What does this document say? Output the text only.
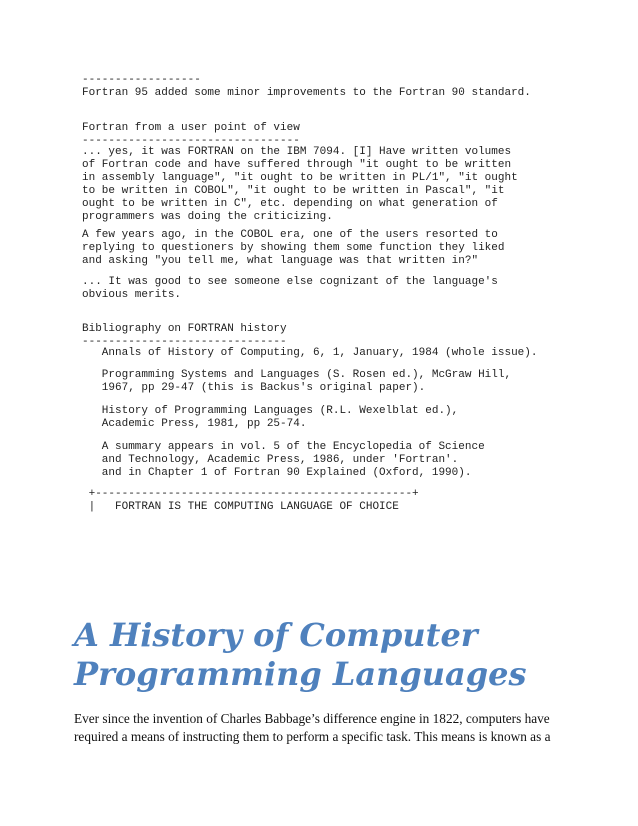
------------------
Fortran 95 added some minor improvements to the Fortran 90 standard.
Fortran from a user point of view
---------------------------------
... yes, it was FORTRAN on the IBM 7094. [I] Have written volumes
of Fortran code and have suffered through "it ought to be written
in assembly language", "it ought to be written in PL/1", "it ought
to be written in COBOL", "it ought to be written in Pascal", "it
ought to be written in C", etc. depending on what generation of
programmers was doing the criticizing.
A few years ago, in the COBOL era, one of the users resorted to
replying to questioners by showing them some function they liked
and asking "you tell me, what language was that written in?"
... It was good to see someone else cognizant of the language's
obvious merits.
Bibliography on FORTRAN history
-------------------------------
Annals of History of Computing, 6, 1, January, 1984 (whole issue).
Programming Systems and Languages (S. Rosen ed.), McGraw Hill,
1967, pp 29-47 (this is Backus's original paper).
History of Programming Languages (R.L. Wexelblat ed.),
Academic Press, 1981, pp 25-74.
A summary appears in vol. 5 of the Encyclopedia of Science
and Technology, Academic Press, 1986, under 'Fortran'.
and in Chapter 1 of Fortran 90 Explained (Oxford, 1990).
+------------------------------------------------+
|   FORTRAN IS THE COMPUTING LANGUAGE OF CHOICE
A History of Computer Programming Languages

Ever since the invention of Charles Babbage’s difference engine in 1822, computers have
required a means of instructing them to perform a specific task. This means is known as a
